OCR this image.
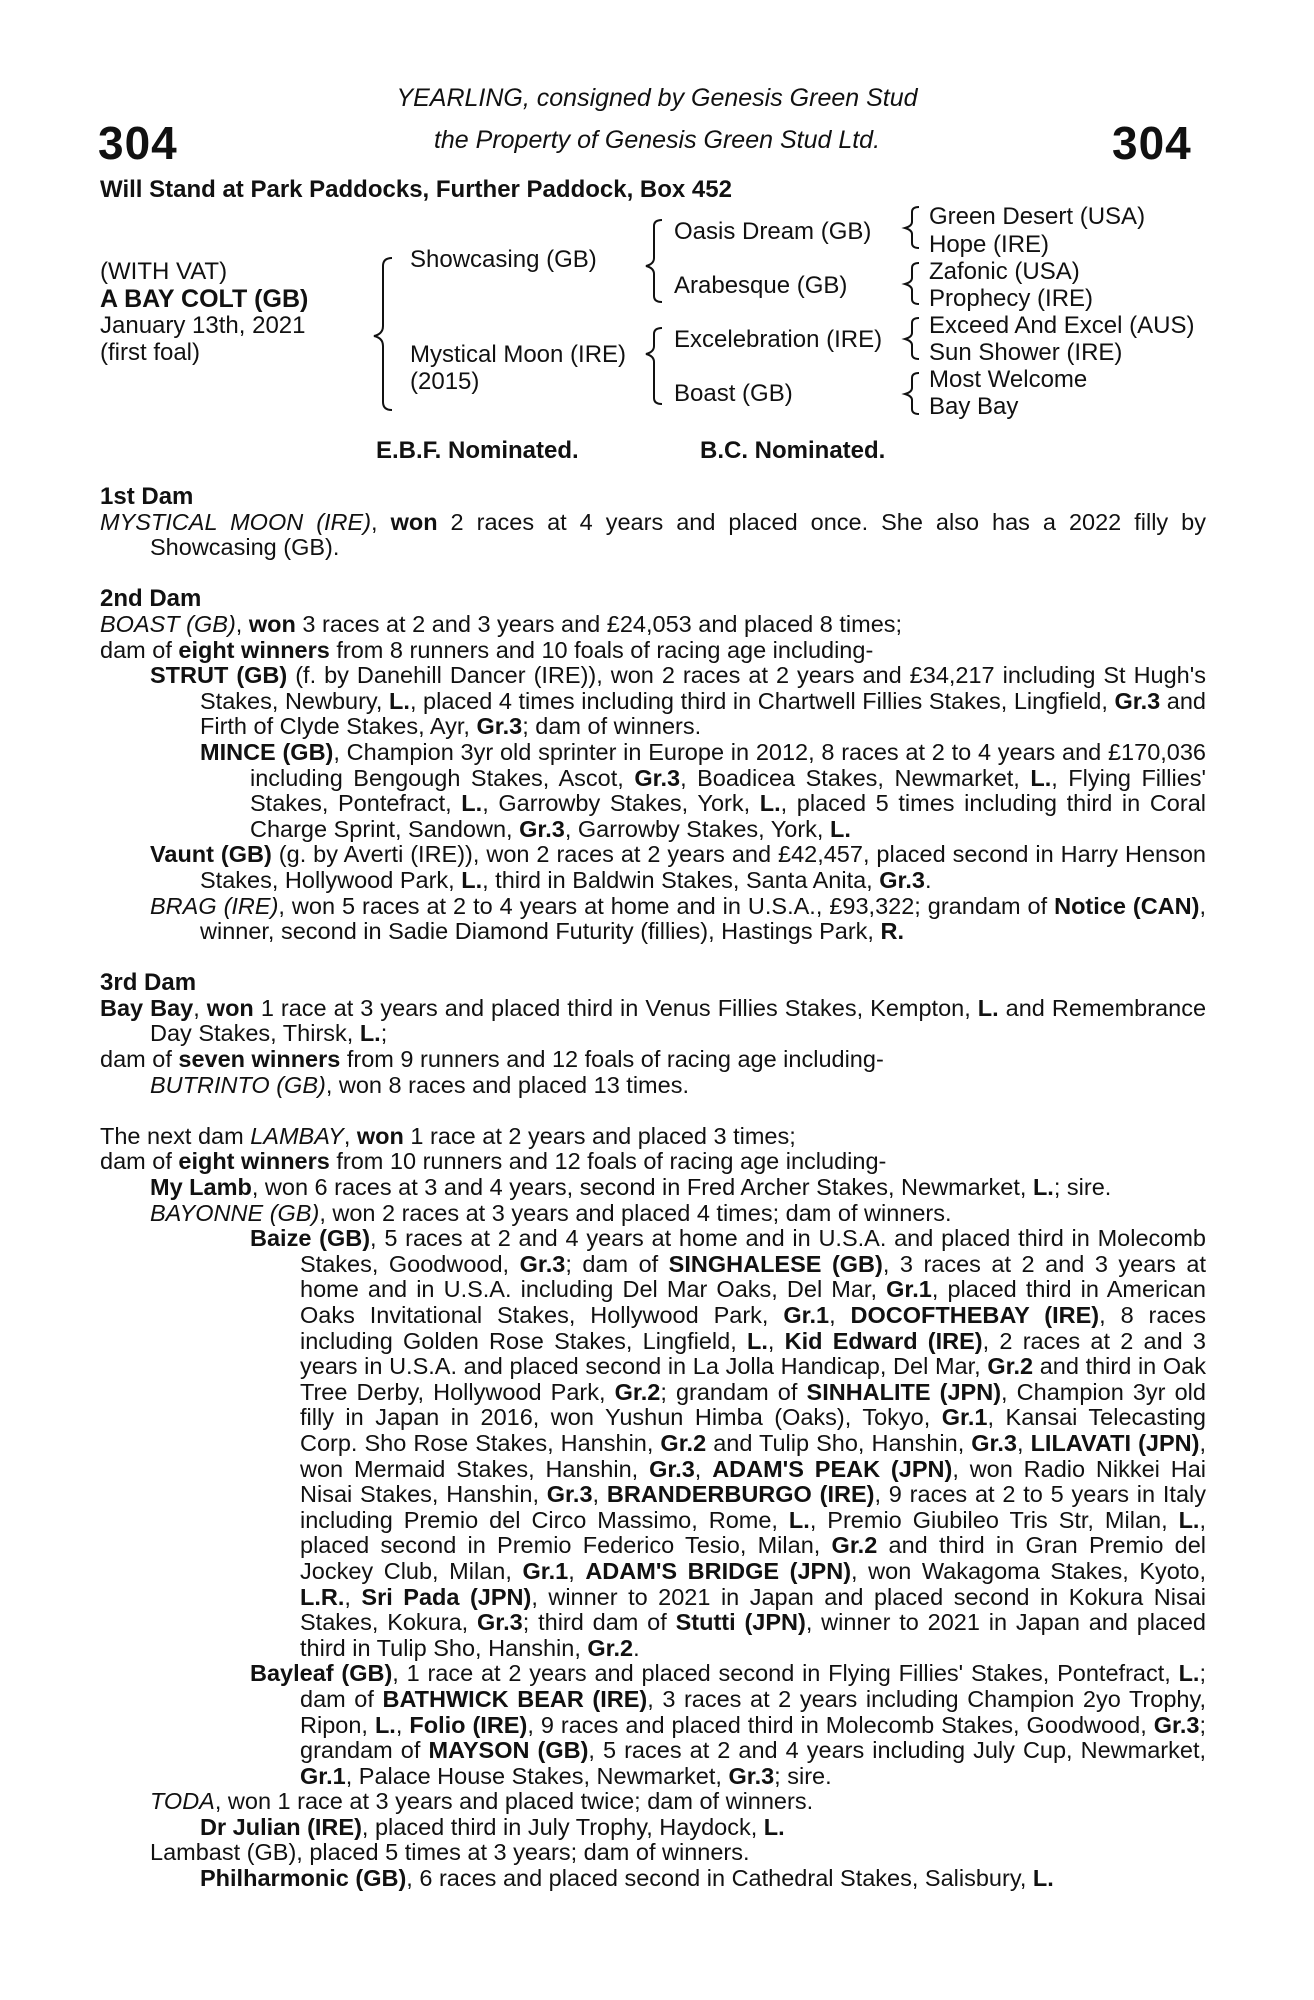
304	304
YEARLING, consigned by Genesis Green Stud
the Property of Genesis Green Stud Ltd.
Will Stand at Park Paddocks, Further Paddock, Box 452
(WITH VAT)
A BAY COLT (GB)
January 13th, 2021
(first foal)
Showcasing (GB)
Mystical Moon (IRE)
(2015)
Oasis Dream (GB)
Arabesque (GB)
Excelebration (IRE)
Boast (GB)
Green Desert (USA)
Hope (IRE)
Zafonic (USA)
Prophecy (IRE)
Exceed And Excel (AUS)
Sun Shower (IRE)
Most Welcome
Bay Bay
E.B.F. Nominated.	B.C. Nominated.
1st Dam

MYSTICAL MOON (IRE), won 2 races at 4 years and placed once. She also has a 2022 filly by Showcasing (GB).

2nd Dam

BOAST (GB), won 3 races at 2 and 3 years and £24,053 and placed 8 times;

dam of eight winners from 8 runners and 10 foals of racing age including-

STRUT (GB) (f. by Danehill Dancer (IRE)), won 2 races at 2 years and £34,217 including St Hugh's Stakes, Newbury, L., placed 4 times including third in Chartwell Fillies Stakes, Lingfield, Gr.3 and Firth of Clyde Stakes, Ayr, Gr.3; dam of winners.

MINCE (GB), Champion 3yr old sprinter in Europe in 2012, 8 races at 2 to 4 years and £170,036 including Bengough Stakes, Ascot, Gr.3, Boadicea Stakes, Newmarket, L., Flying Fillies' Stakes, Pontefract, L., Garrowby Stakes, York, L., placed 5 times including third in Coral Charge Sprint, Sandown, Gr.3, Garrowby Stakes, York, L.

Vaunt (GB) (g. by Averti (IRE)), won 2 races at 2 years and £42,457, placed second in Harry Henson Stakes, Hollywood Park, L., third in Baldwin Stakes, Santa Anita, Gr.3.

BRAG (IRE), won 5 races at 2 to 4 years at home and in U.S.A., £93,322; grandam of Notice (CAN), winner, second in Sadie Diamond Futurity (fillies), Hastings Park, R.

3rd Dam

Bay Bay, won 1 race at 3 years and placed third in Venus Fillies Stakes, Kempton, L. and Remembrance Day Stakes, Thirsk, L.;

dam of seven winners from 9 runners and 12 foals of racing age including-

BUTRINTO (GB), won 8 races and placed 13 times.

The next dam LAMBAY, won 1 race at 2 years and placed 3 times;

dam of eight winners from 10 runners and 12 foals of racing age including-

My Lamb, won 6 races at 3 and 4 years, second in Fred Archer Stakes, Newmarket, L.; sire.

BAYONNE (GB), won 2 races at 3 years and placed 4 times; dam of winners.

Baize (GB), 5 races at 2 and 4 years at home and in U.S.A. and placed third in Molecomb Stakes, Goodwood, Gr.3; dam of SINGHALESE (GB), 3 races at 2 and 3 years at home and in U.S.A. including Del Mar Oaks, Del Mar, Gr.1, placed third in American Oaks Invitational Stakes, Hollywood Park, Gr.1, DOCOFTHEBAY (IRE), 8 races including Golden Rose Stakes, Lingfield, L., Kid Edward (IRE), 2 races at 2 and 3 years in U.S.A. and placed second in La Jolla Handicap, Del Mar, Gr.2 and third in Oak Tree Derby, Hollywood Park, Gr.2; grandam of SINHALITE (JPN), Champion 3yr old filly in Japan in 2016, won Yushun Himba (Oaks), Tokyo, Gr.1, Kansai Telecasting Corp. Sho Rose Stakes, Hanshin, Gr.2 and Tulip Sho, Hanshin, Gr.3, LILAVATI (JPN), won Mermaid Stakes, Hanshin, Gr.3, ADAM'S PEAK (JPN), won Radio Nikkei Hai Nisai Stakes, Hanshin, Gr.3, BRANDERBURGO (IRE), 9 races at 2 to 5 years in Italy including Premio del Circo Massimo, Rome, L., Premio Giubileo Tris Str, Milan, L., placed second in Premio Federico Tesio, Milan, Gr.2 and third in Gran Premio del Jockey Club, Milan, Gr.1, ADAM'S BRIDGE (JPN), won Wakagoma Stakes, Kyoto, L.R., Sri Pada (JPN), winner to 2021 in Japan and placed second in Kokura Nisai Stakes, Kokura, Gr.3; third dam of Stutti (JPN), winner to 2021 in Japan and placed third in Tulip Sho, Hanshin, Gr.2.

Bayleaf (GB), 1 race at 2 years and placed second in Flying Fillies' Stakes, Pontefract, L.; dam of BATHWICK BEAR (IRE), 3 races at 2 years including Champion 2yo Trophy, Ripon, L., Folio (IRE), 9 races and placed third in Molecomb Stakes, Goodwood, Gr.3; grandam of MAYSON (GB), 5 races at 2 and 4 years including July Cup, Newmarket, Gr.1, Palace House Stakes, Newmarket, Gr.3; sire.

TODA, won 1 race at 3 years and placed twice; dam of winners.

Dr Julian (IRE), placed third in July Trophy, Haydock, L.

Lambast (GB), placed 5 times at 3 years; dam of winners.

Philharmonic (GB), 6 races and placed second in Cathedral Stakes, Salisbury, L.
